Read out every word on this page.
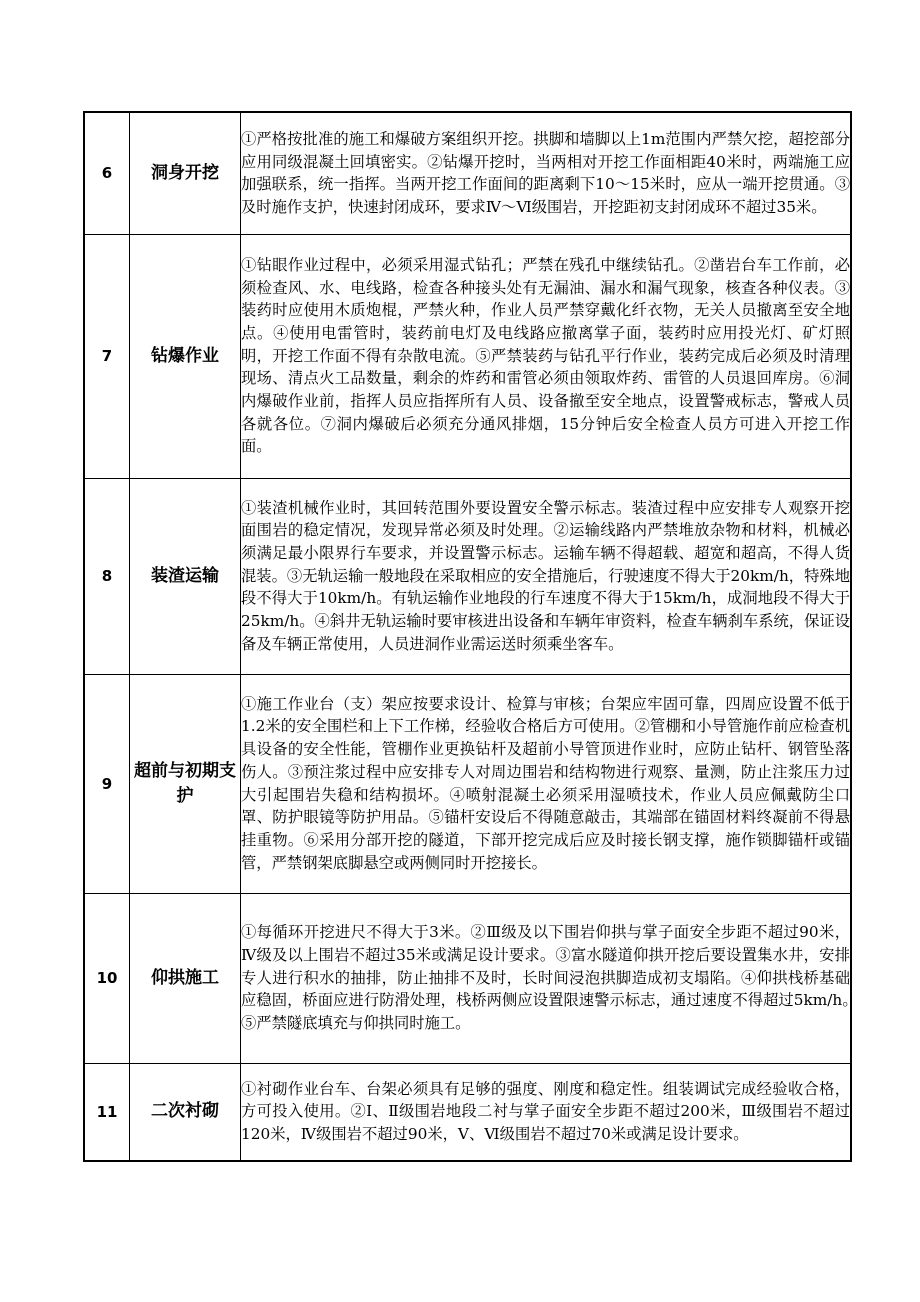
6	洞身开挖	①严格按批准的施工和爆破方案组织开挖。拱脚和墙脚以上1m范围内严禁欠挖，超挖部分应用同级混凝土回填密实。②钻爆开挖时，当两相对开挖工作面相距40米时，两端施工应加强联系，统一指挥。当两开挖工作面间的距离剩下10～15米时，应从一端开挖贯通。③及时施作支护，快速封闭成环，要求Ⅳ～Ⅵ级围岩，开挖距初支封闭成环不超过35米。
7	钻爆作业	①钻眼作业过程中，必须采用湿式钻孔；严禁在残孔中继续钻孔。②凿岩台车工作前，必须检查风、水、电线路，检查各种接头处有无漏油、漏水和漏气现象，核查各种仪表。③装药时应使用木质炮棍，严禁火种，作业人员严禁穿戴化纤衣物，无关人员撤离至安全地点。④使用电雷管时，装药前电灯及电线路应撤离掌子面，装药时应用投光灯、矿灯照明，开挖工作面不得有杂散电流。⑤严禁装药与钻孔平行作业，装药完成后必须及时清理现场、清点火工品数量，剩余的炸药和雷管必须由领取炸药、雷管的人员退回库房。⑥洞内爆破作业前，指挥人员应指挥所有人员、设备撤至安全地点，设置警戒标志，警戒人员各就各位。⑦洞内爆破后必须充分通风排烟，15分钟后安全检查人员方可进入开挖工作面。
8	装渣运输	①装渣机械作业时，其回转范围外要设置安全警示标志。装渣过程中应安排专人观察开挖面围岩的稳定情况，发现异常必须及时处理。②运输线路内严禁堆放杂物和材料，机械必须满足最小限界行车要求，并设置警示标志。运输车辆不得超载、超宽和超高，不得人货混装。③无轨运输一般地段在采取相应的安全措施后，行驶速度不得大于20km/h，特殊地段不得大于10km/h。有轨运输作业地段的行车速度不得大于15km/h，成洞地段不得大于25km/h。④斜井无轨运输时要审核进出设备和车辆年审资料，检查车辆刹车系统，保证设备及车辆正常使用，人员进洞作业需运送时须乘坐客车。
9	超前与初期支护	①施工作业台（支）架应按要求设计、检算与审核；台架应牢固可靠，四周应设置不低于1.2米的安全围栏和上下工作梯，经验收合格后方可使用。②管棚和小导管施作前应检查机具设备的安全性能，管棚作业更换钻杆及超前小导管顶进作业时，应防止钻杆、钢管坠落伤人。③预注浆过程中应安排专人对周边围岩和结构物进行观察、量测，防止注浆压力过大引起围岩失稳和结构损坏。④喷射混凝土必须采用湿喷技术，作业人员应佩戴防尘口罩、防护眼镜等防护用品。⑤锚杆安设后不得随意敲击，其端部在锚固材料终凝前不得悬挂重物。⑥采用分部开挖的隧道，下部开挖完成后应及时接长钢支撑，施作锁脚锚杆或锚管，严禁钢架底脚悬空或两侧同时开挖接长。
10	仰拱施工	①每循环开挖进尺不得大于3米。②Ⅲ级及以下围岩仰拱与掌子面安全步距不超过90米，Ⅳ级及以上围岩不超过35米或满足设计要求。③富水隧道仰拱开挖后要设置集水井，安排专人进行积水的抽排，防止抽排不及时，长时间浸泡拱脚造成初支塌陷。④仰拱栈桥基础应稳固，桥面应进行防滑处理，栈桥两侧应设置限速警示标志，通过速度不得超过5km/h。　⑤严禁隧底填充与仰拱同时施工。
11	二次衬砌	①衬砌作业台车、台架必须具有足够的强度、刚度和稳定性。组装调试完成经验收合格，方可投入使用。②Ⅰ、Ⅱ级围岩地段二衬与掌子面安全步距不超过200米，Ⅲ级围岩不超过120米，Ⅳ级围岩不超过90米，Ⅴ、Ⅵ级围岩不超过70米或满足设计要求。
